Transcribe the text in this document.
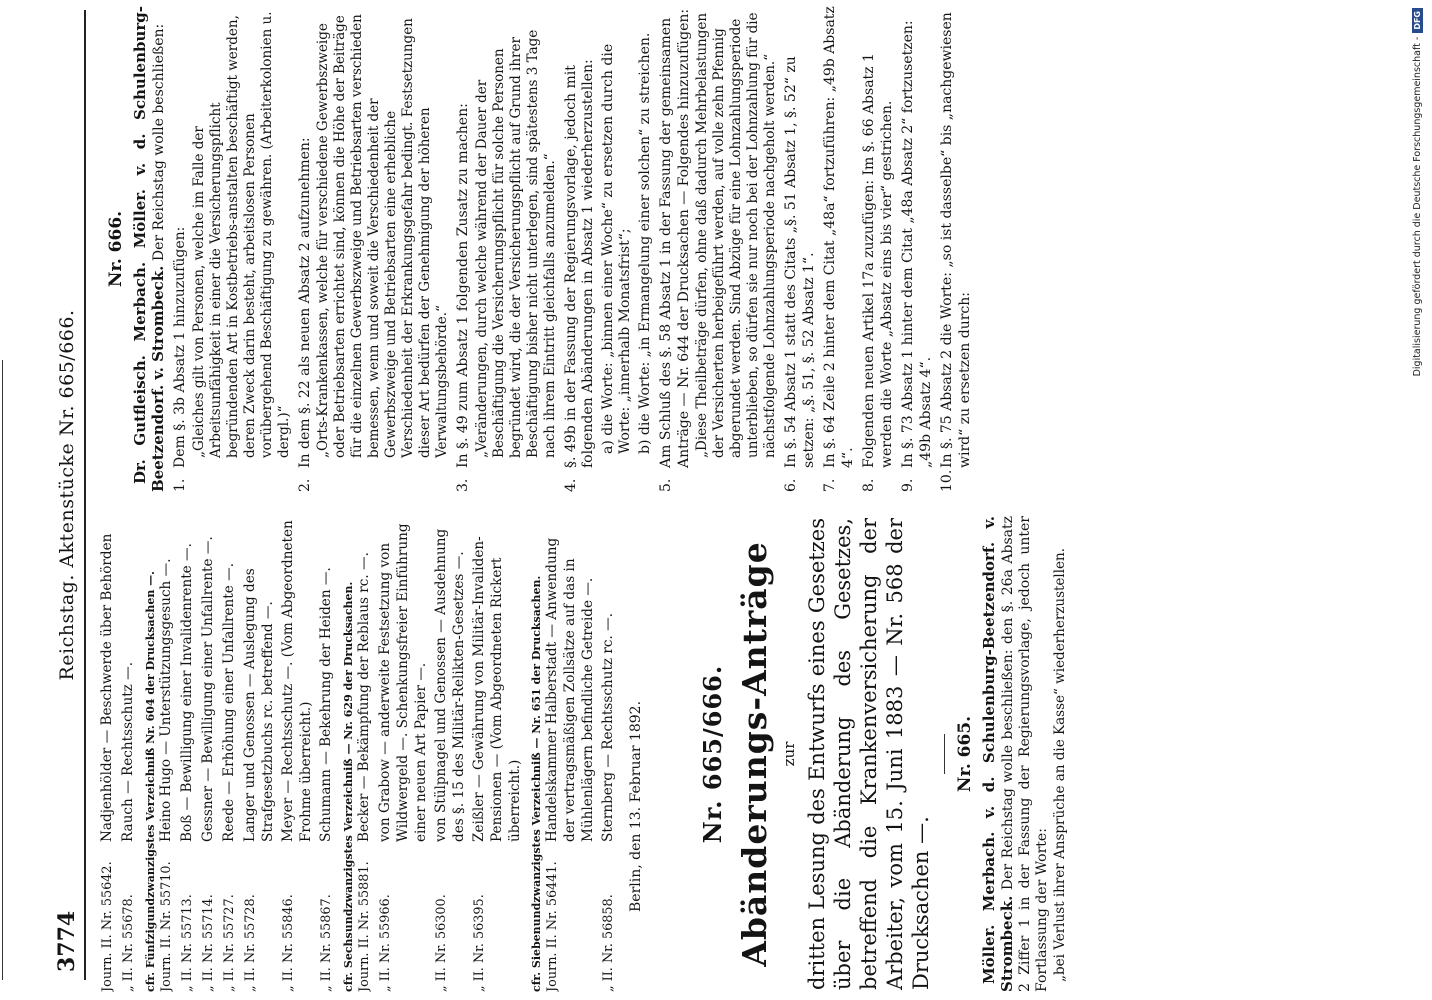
3774
Reichstag. Aktenstücke Nr. 665/666.
Journ. II. Nr. 55642.
Nadjenhölder — Beschwerde über Behörden
„ II. Nr. 55678.
Rauch — Rechtsschutz —. cfr. Fünfzigundzwanzigstes Verzeichniß Nr. 604 der Drucksachen —. Journ. II. Nr. 55710.
Heino Hugo — Unterstützungsgesuch —.
„ II. Nr. 55713.
Boß — Bewilligung einer Invalidenrente —.
„ II. Nr. 55714.
Gessner — Bewilligung einer Unfallrente —.
„ II. Nr. 55727.
Reede — Erhöhung einer Unfallrente —.
„ II. Nr. 55728.
Langer und Genossen — Auslegung des Strafgesetzbuchs rc. betreffend —.
„ II. Nr. 55846.
Meyer — Rechtsschutz —. (Vom Abgeordneten Frohme überreicht.)
„ II. Nr. 55867.
Schumann — Bekehrung der Heiden —. cfr. Sechsundzwanzigstes Verzeichniß — Nr. 629 der Drucksachen. Journ. II. Nr. 55881.
Becker — Bekämpfung der Reblaus rc. —.
„ II. Nr. 55966.
von Grabow — anderweite Festsetzung von Wildwergeld —. Schenkungsfreier Einführung einer neuen Art Papier —.
„ II. Nr. 56300.
von Stülpnagel und Genossen — Ausdehnung des §. 15 des Militär-Relikten-Gesetzes —.
„ II. Nr. 56395.
Zeißler — Gewährung von Militär-Invaliden-Pensionen — (Vom Abgeordneten Rickert überreicht.) cfr. Siebenundzwanzigstes Verzeichniß — Nr. 651 der Drucksachen. Journ. II. Nr. 56441.
Handelskammer Halberstadt — Anwendung der vertragsmäßigen Zollsätze auf das in Mühlenlägern befindliche Getreide —.
„ II. Nr. 56858.
Sternberg — Rechtsschutz rc. —. Berlin, den 13. Februar 1892. Nr. 665/666. Abänderungs-Anträge zur dritten Lesung des Entwurfs eines Gesetzes über die Abänderung des Gesetzes, betreffend die Krankenversicherung der Arbeiter, vom 15. Juni 1883 — Nr. 568 der Drucksachen —.
Nr. 665. Möller. Merbach. v. d. Schulenburg-Beetzendorf. v. Strombeck. Der Reichstag wolle beschließen: den §. 26a Absatz 2 Ziffer 1 in der Fassung der Regierungsvorlage, jedoch unter Fortlassung der Worte: „bei Verlust ihrer Ansprüche an die Kasse“ wiederherzustellen.
Nr. 666. Dr. Gutfleisch. Merbach. Möller. v. d. Schulenburg-Beetzendorf. v. Strombeck. Der Reichstag wolle beschließen:

1.
Dem §. 3b Absatz 1 hinzuzufügen: „Gleiches gilt von Personen, welche im Falle der Arbeitsunfähigkeit in einer die Versicherungspflicht begründenden Art in Kostbetriebs-anstalten beschäftigt werden, deren Zweck darin besteht, arbeitslosen Personen vorübergehend Beschäftigung zu gewähren. (Arbeiterkolonien u. dergl.)“
2.
In dem §. 22 als neuen Absatz 2 aufzunehmen: „Orts-Krankenkassen, welche für verschiedene Gewerbszweige oder Betriebsarten errichtet sind, können die Höhe der Beiträge für die einzelnen Gewerbszweige und Betriebsarten verschieden bemessen, wenn und soweit die Verschiedenheit der Gewerbszweige und Betriebsarten eine erhebliche Verschiedenheit der Erkrankungsgefahr bedingt. Festsetzungen dieser Art bedürfen der Genehmigung der höheren Verwaltungsbehörde.“
3.
In §. 49 zum Absatz 1 folgenden Zusatz zu machen: „Veränderungen, durch welche während der Dauer der Beschäftigung die Versicherungspflicht für solche Personen begründet wird, die der Versicherungspflicht auf Grund ihrer Beschäftigung bisher nicht unterlegen, sind spätestens 3 Tage nach ihrem Eintritt gleichfalls anzumelden.“
4.
§. 49b in der Fassung der Regierungsvorlage, jedoch mit folgenden Abänderungen in Absatz 1 wiederherzustellen: a) die Worte: „binnen einer Woche“ zu ersetzen durch die Worte: „innerhalb Monatsfrist“; b) die Worte: „in Ermangelung einer solchen“ zu streichen.
5.
Am Schluß des §. 58 Absatz 1 in der Fassung der gemeinsamen Anträge — Nr. 644 der Drucksachen — Folgendes hinzuzufügen: „Diese Theilbeträge dürfen, ohne daß dadurch Mehrbelastungen der Versicherten herbeigeführt werden, auf volle zehn Pfennig abgerundet werden. Sind Abzüge für eine Lohnzahlungsperiode unterblieben, so dürfen sie nur noch bei der Lohnzahlung für die nächstfolgende Lohnzahlungsperiode nachgeholt werden.“
6.
In §. 54 Absatz 1 statt des Citats „§. 51 Absatz 1, §. 52“ zu setzen: „§. 51, §. 52 Absatz 1“.
7.
In §. 64 Zeile 2 hinter dem Citat „48a“ fortzuführen: „49b Absatz 4“.
8.
Folgenden neuen Artikel 17a zuzufügen: Im §. 66 Absatz 1 werden die Worte „Absatz eins bis vier“ gestrichen.
9.
In §. 73 Absatz 1 hinter dem Citat „48a Absatz 2“ fortzusetzen: „49b Absatz 4“.
10.
In §. 75 Absatz 2 die Worte: „so ist dasselbe“ bis „nachgewiesen wird“ zu ersetzen durch:
Digitalisierung gefördert durch die Deutsche Forschungsgemeinschaft -DFG
